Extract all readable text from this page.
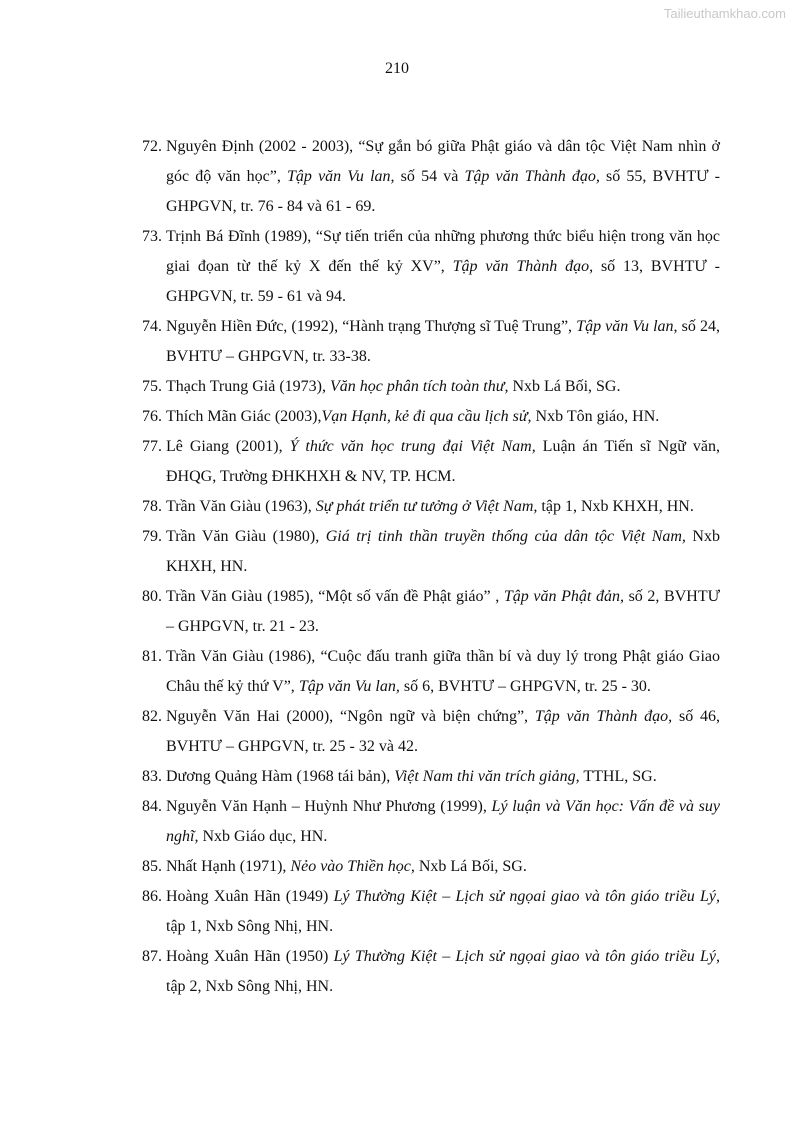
Tailieuthamkhao.com
210
72. Nguyên Định (2002 - 2003), “Sự gắn bó giữa Phật giáo và dân tộc Việt Nam nhìn ở góc độ văn học”, Tập văn Vu lan, số 54 và Tập văn Thành đạo, số 55, BVHTƯ - GHPGVN, tr. 76 - 84 và 61 - 69.
73. Trịnh Bá Đĩnh (1989), “Sự tiến triển của những phương thức biểu hiện trong văn học giai đọan từ thế kỷ X đến thế kỷ XV”, Tập văn Thành đạo, số 13, BVHTƯ - GHPGVN, tr. 59 - 61 và 94.
74. Nguyễn Hiền Đức, (1992), “Hành trạng Thượng sĩ Tuệ Trung”, Tập văn Vu lan, số 24, BVHTƯ – GHPGVN, tr. 33-38.
75. Thạch Trung Giả (1973), Văn học phân tích toàn thư, Nxb Lá Bối, SG.
76. Thích Mãn Giác (2003),Vạn Hạnh, kẻ đi qua cầu lịch sử, Nxb Tôn giáo, HN.
77. Lê Giang (2001), Ý thức văn học trung đại Việt Nam, Luận án Tiến sĩ Ngữ văn, ĐHQG, Trường ĐHKHXH & NV, TP. HCM.
78. Trần Văn Giàu (1963), Sự phát triển tư tưởng ở Việt Nam, tập 1, Nxb KHXH, HN.
79. Trần Văn Giàu (1980), Giá trị tinh thần truyền thống của dân tộc Việt Nam, Nxb KHXH, HN.
80. Trần Văn Giàu (1985), “Một số vấn đề Phật giáo” , Tập văn Phật đản, số 2, BVHTƯ – GHPGVN, tr. 21 - 23.
81. Trần Văn Giàu (1986), “Cuộc đấu tranh giữa thần bí và duy lý trong Phật giáo Giao Châu thế kỷ thứ V”, Tập văn Vu lan, số 6, BVHTƯ – GHPGVN, tr. 25 - 30.
82. Nguyễn Văn Hai (2000), “Ngôn ngữ và biện chứng”, Tập văn Thành đạo, số 46, BVHTƯ – GHPGVN, tr. 25 - 32 và 42.
83. Dương Quảng Hàm (1968 tái bản), Việt Nam thi văn trích giảng, TTHL, SG.
84. Nguyễn Văn Hạnh – Huỳnh Như Phương (1999), Lý luận và Văn học: Vấn đề và suy nghĩ, Nxb Giáo dục, HN.
85. Nhất Hạnh (1971), Nẻo vào Thiền học, Nxb Lá Bối, SG.
86. Hoàng Xuân Hãn (1949) Lý Thường Kiệt – Lịch sử ngọai giao và tôn giáo triều Lý, tập 1, Nxb Sông Nhị, HN.
87. Hoàng Xuân Hãn (1950) Lý Thường Kiệt – Lịch sử ngọai giao và tôn giáo triều Lý, tập 2, Nxb Sông Nhị, HN.
